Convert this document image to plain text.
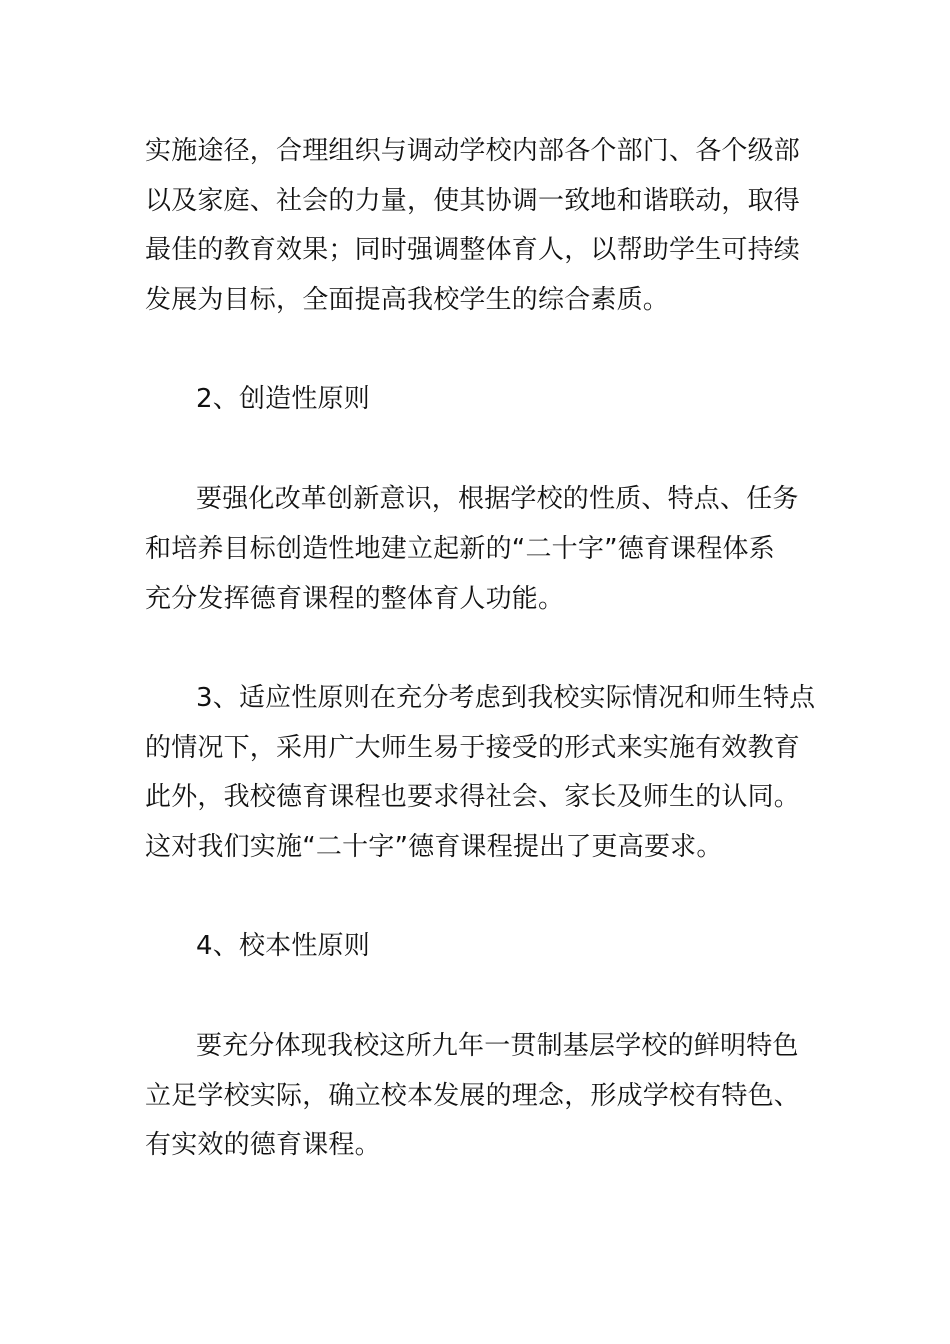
实施途径，合理组织与调动学校内部各个部门、各个级部
以及家庭、社会的力量，使其协调一致地和谐联动，取得
最佳的教育效果；同时强调整体育人，以帮助学生可持续
发展为目标，全面提高我校学生的综合素质。
2、创造性原则
要强化改革创新意识，根据学校的性质、特点、任务
和培养目标创造性地建立起新的“二十字”德育课程体系
充分发挥德育课程的整体育人功能。
3、适应性原则在充分考虑到我校实际情况和师生特点
的情况下，采用广大师生易于接受的形式来实施有效教育
此外，我校德育课程也要求得社会、家长及师生的认同。
这对我们实施“二十字”德育课程提出了更高要求。
4、校本性原则
要充分体现我校这所九年一贯制基层学校的鲜明特色
立足学校实际，确立校本发展的理念，形成学校有特色、
有实效的德育课程。
